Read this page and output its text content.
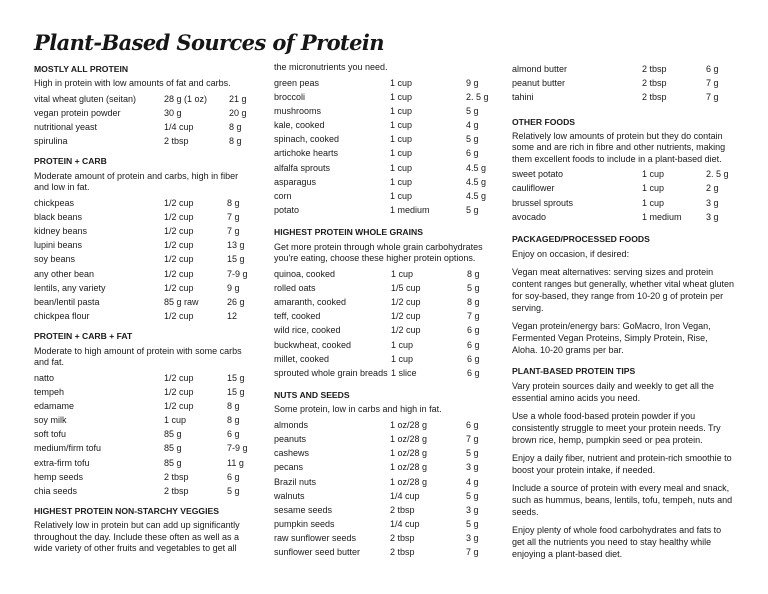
Plant-Based Sources of Protein
MOSTLY ALL PROTEIN
High in protein with low amounts of fat and carbs.
vital wheat gluten (seitan)	28 g (1 oz)	21 g
vegan protein powder	30 g	20 g
nutritional yeast	1/4 cup	8 g
spirulina	2 tbsp	8 g
PROTEIN + CARB
Moderate amount of protein and carbs, high in fiber and low in fat.
chickpeas	1/2 cup	8 g
black beans	1/2 cup	7 g
kidney beans	1/2 cup	7 g
lupini beans	1/2 cup	13 g
soy beans	1/2 cup	15 g
any other bean	1/2 cup	7-9 g
lentils, any variety	1/2 cup	9 g
bean/lentil pasta	85 g raw	26 g
chickpea flour	1/2 cup	12
PROTEIN + CARB + FAT
Moderate to high amount of protein with some carbs and fat.
natto	1/2 cup	15 g
tempeh	1/2 cup	15 g
edamame	1/2 cup	8 g
soy milk	1 cup	8 g
soft tofu	85 g	6 g
medium/firm tofu	85 g	7-9 g
extra-firm tofu	85 g	11 g
hemp seeds	2 tbsp	6 g
chia seeds	2 tbsp	5 g
HIGHEST PROTEIN NON-STARCHY VEGGIES
Relatively low in protein but can add up significantly throughout the day. Include these often as well as a wide variety of other fruits and vegetables to get all
the micronutrients you need.
green peas	1 cup	9 g
broccoli	1 cup	2. 5 g
mushrooms	1 cup	5 g
kale, cooked	1 cup	4 g
spinach, cooked	1 cup	5 g
artichoke hearts	1 cup	6 g
alfalfa sprouts	1 cup	4.5 g
asparagus	1 cup	4.5 g
corn	1 cup	4.5 g
potato	1 medium	5 g
HIGHEST PROTEIN WHOLE GRAINS
Get more protein through whole grain carbohydrates you're eating, choose these higher protein options.
quinoa, cooked	1 cup	8 g
rolled oats	1/5 cup	5 g
amaranth, cooked	1/2 cup	8 g
teff, cooked	1/2 cup	7 g
wild rice, cooked	1/2 cup	6 g
buckwheat, cooked	1 cup	6 g
millet, cooked	1 cup	6 g
sprouted whole grain breads 1 slice	6 g
NUTS AND SEEDS
Some protein, low in carbs and high in fat.
almonds	1 oz/28 g	6 g
peanuts	1 oz/28 g	7 g
cashews	1 oz/28 g	5 g
pecans	1 oz/28 g	3 g
Brazil nuts	1 oz/28 g	4 g
walnuts	1/4 cup	5 g
sesame seeds	2 tbsp	3 g
pumpkin seeds	1/4 cup	5 g
raw sunflower seeds	2 tbsp	3 g
sunflower seed butter	2 tbsp	7 g
almond butter	2 tbsp	6 g
peanut butter	2 tbsp	7 g
tahini	2 tbsp	7 g
OTHER FOODS
Relatively low amounts of protein but they do contain some and are rich in fibre and other nutrients, making them excellent foods to include in a plant-based diet.
sweet potato	1 cup	2. 5 g
cauliflower	1 cup	2 g
brussel sprouts	1 cup	3 g
avocado	1 medium	3 g
PACKAGED/PROCESSED FOODS
Enjoy on occasion, if desired:
Vegan meat alternatives: serving sizes and protein content ranges but generally, whether vital wheat gluten for soy-based, they range from 10-20 g of protein per serving.
Vegan protein/energy bars: GoMacro, Iron Vegan, Fermented Vegan Proteins, Simply Protein, Rise, Aloha. 10-20 grams per bar.
PLANT-BASED PROTEIN TIPS
Vary protein sources daily and weekly to get all the essential amino acids you need.
Use a whole food-based protein powder if you consistently struggle to meet your protein needs. Try brown rice, hemp, pumpkin seed or pea protein.
Enjoy a daily fiber, nutrient and protein-rich smoothie to boost your protein intake, if needed.
Include a source of protein with every meal and snack, such as hummus, beans, lentils, tofu, tempeh, nuts and seeds.
Enjoy plenty of whole food carbohydrates and fats to get all the nutrients you need to stay healthy while enjoying a plant-based diet.
